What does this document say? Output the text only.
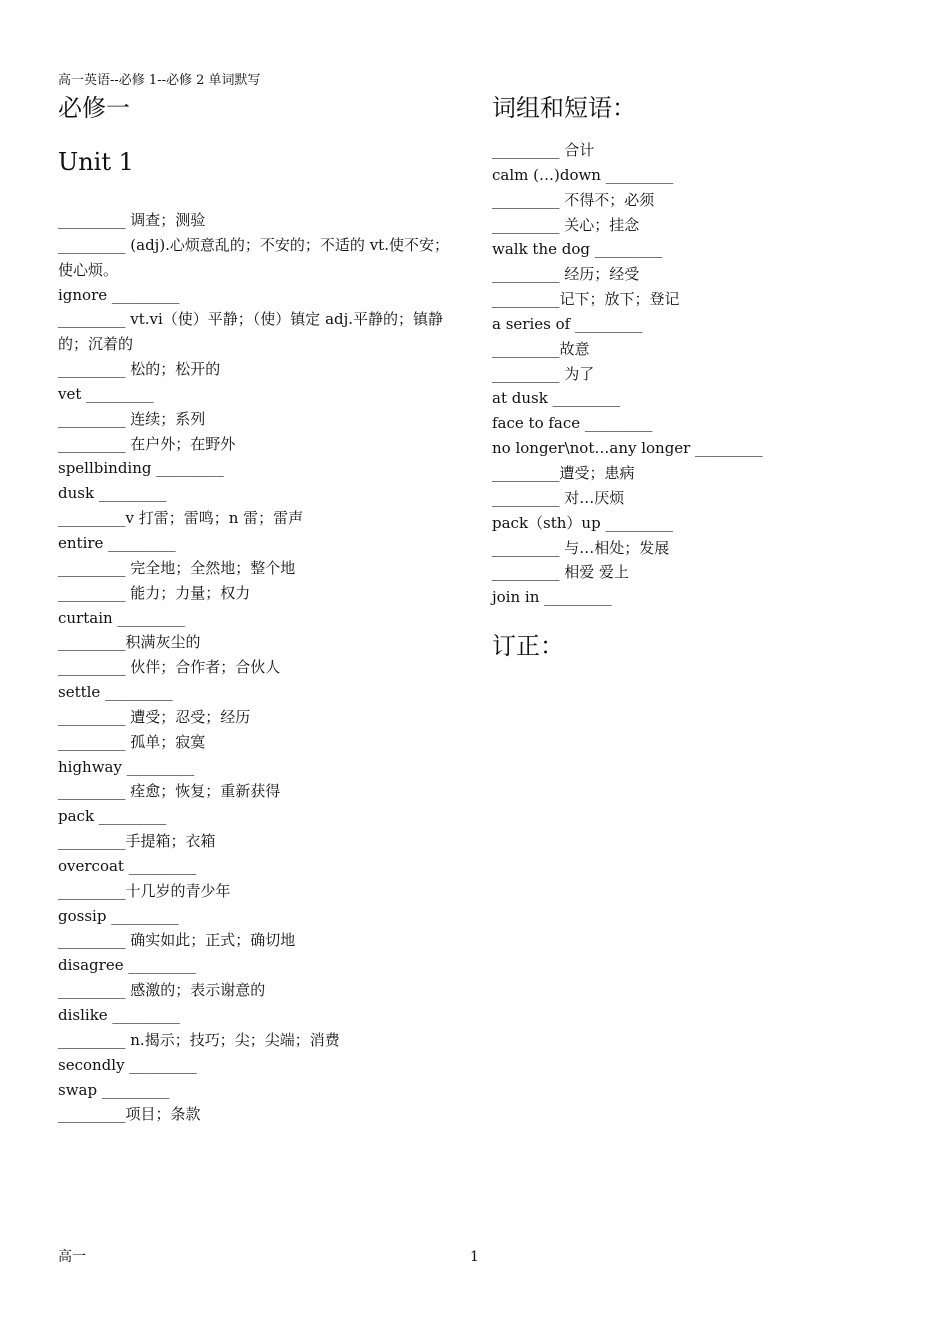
高一英语--必修 1--必修 2 单词默写
必修一
Unit 1
_________ 调查；测验
_________ (adj).心烦意乱的；不安的；不适的 vt.使不安；使心烦。
ignore _________
_________ vt.vi（使）平静；（使）镇定 adj.平静的；镇静的；沉着的
_________ 松的；松开的
vet _________
_________ 连续；系列
_________ 在户外；在野外
spellbinding _________
dusk _________
_________v 打雷；雷鸣；n 雷；雷声
entire _________
_________ 完全地；全然地；整个地
_________ 能力；力量；权力
curtain _________
_________积满灰尘的
_________ 伙伴；合作者；合伙人
settle _________
_________ 遭受；忍受；经历
_________ 孤单；寂寞
highway _________
_________ 痊愈；恢复；重新获得
pack _________
_________手提箱；衣箱
overcoat _________
_________十几岁的青少年
gossip _________
_________ 确实如此；正式；确切地
disagree _________
_________ 感激的；表示谢意的
dislike _________
_________ n.揭示；技巧；尖；尖端；消费
secondly _________
swap _________
_________项目；条款
词组和短语：
_________ 合计
calm (…)down _________
_________ 不得不；必须
_________ 关心；挂念
walk the dog _________
_________ 经历；经受
_________记下；放下；登记
a series of _________
_________故意
_________ 为了
at dusk _________
face to face _________
no longer\not…any longer _________
_________遭受；患病
_________ 对…厌烦
pack（sth）up _________
_________ 与…相处；发展
_________ 相爱 爱上
join in _________
订正：
高一	1
